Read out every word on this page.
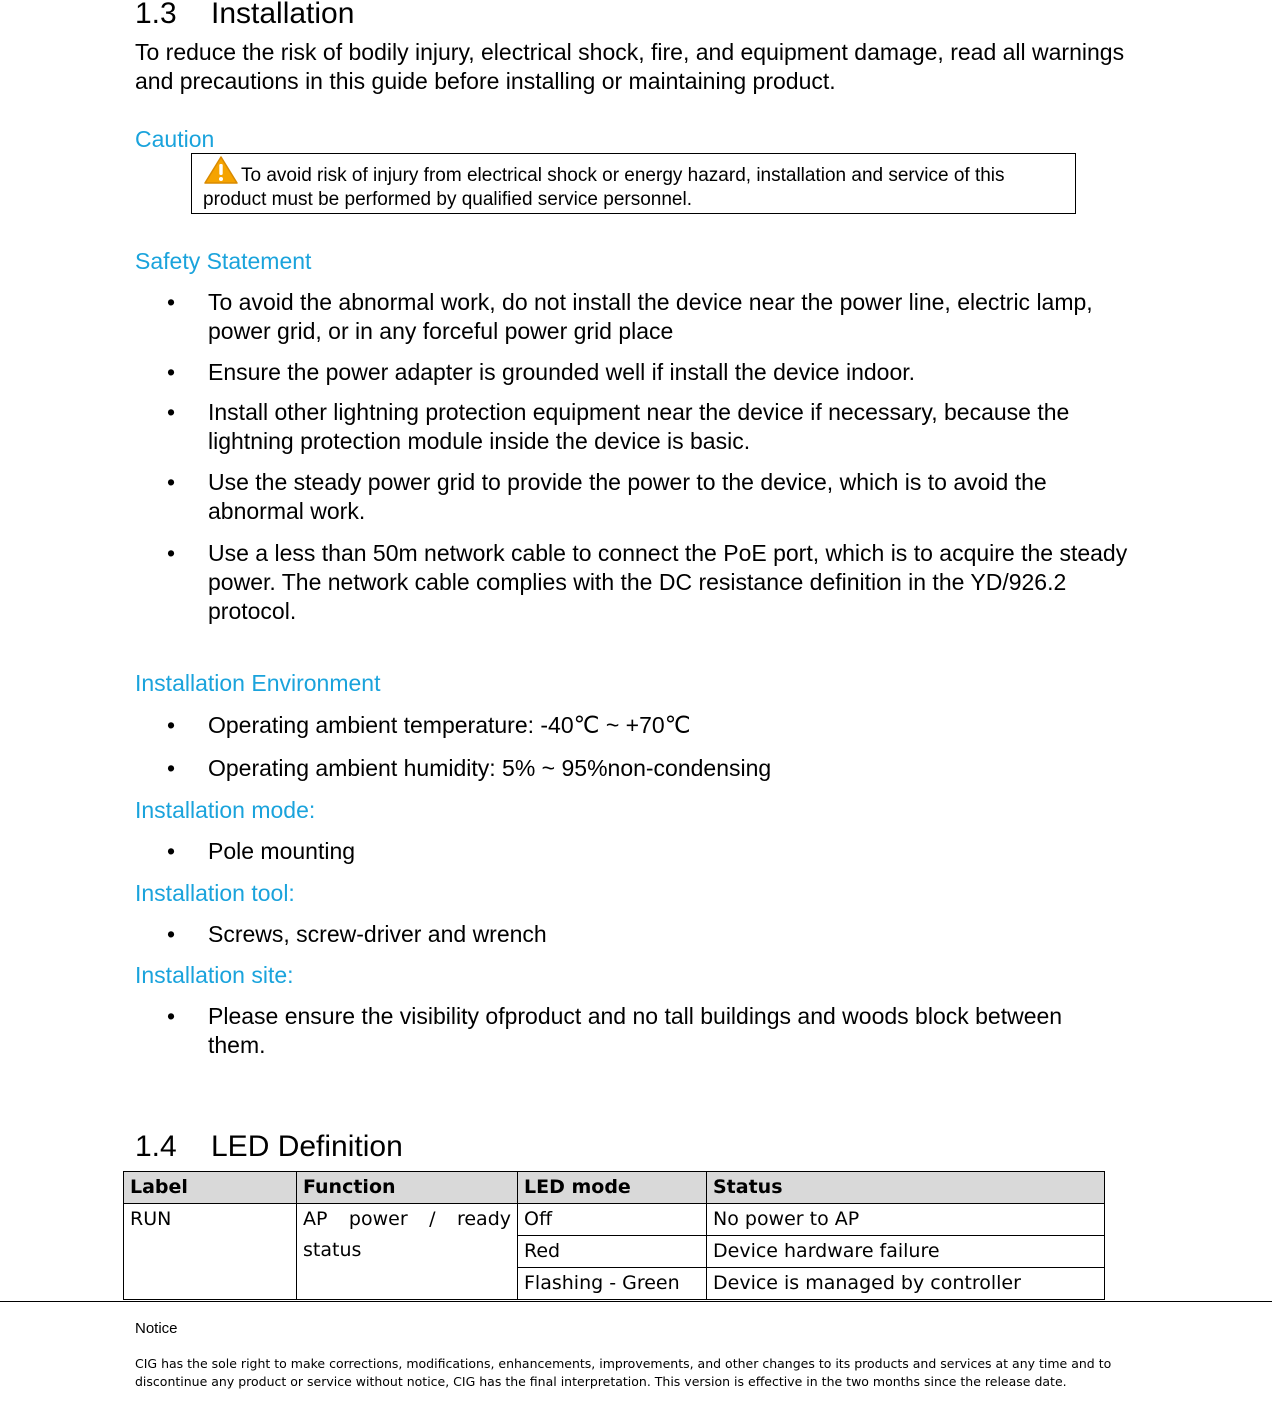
1.3 Installation
To reduce the risk of bodily injury, electrical shock, fire, and equipment damage, read all warnings and precautions in this guide before installing or maintaining product.
Caution
To avoid risk of injury from electrical shock or energy hazard, installation and service of this product must be performed by qualified service personnel.
Safety Statement
• To avoid the abnormal work, do not install the device near the power line, electric lamp, power grid, or in any forceful power grid place
• Ensure the power adapter is grounded well if install the device indoor.
• Install other lightning protection equipment near the device if necessary, because the lightning protection module inside the device is basic.
• Use the steady power grid to provide the power to the device, which is to avoid the abnormal work.
• Use a less than 50m network cable to connect the PoE port, which is to acquire the steady power. The network cable complies with the DC resistance definition in the YD/926.2 protocol.
Installation Environment
• Operating ambient temperature: -40℃ ~ +70℃
• Operating ambient humidity: 5% ~ 95%non-condensing
Installation mode:
• Pole mounting
Installation tool:
• Screws, screw-driver and wrench
Installation site:
• Please ensure the visibility ofproduct and no tall buildings and woods block between them.
1.4 LED Definition
Label	Function	LED mode	Status
RUN	AP power / ready status	Off	No power to AP
		Red	Device hardware failure
		Flashing - Green	Device is managed by controller
Notice
CIG has the sole right to make corrections, modifications, enhancements, improvements, and other changes to its products and services at any time and to discontinue any product or service without notice, CIG has the final interpretation. This version is effective in the two months since the release date.
